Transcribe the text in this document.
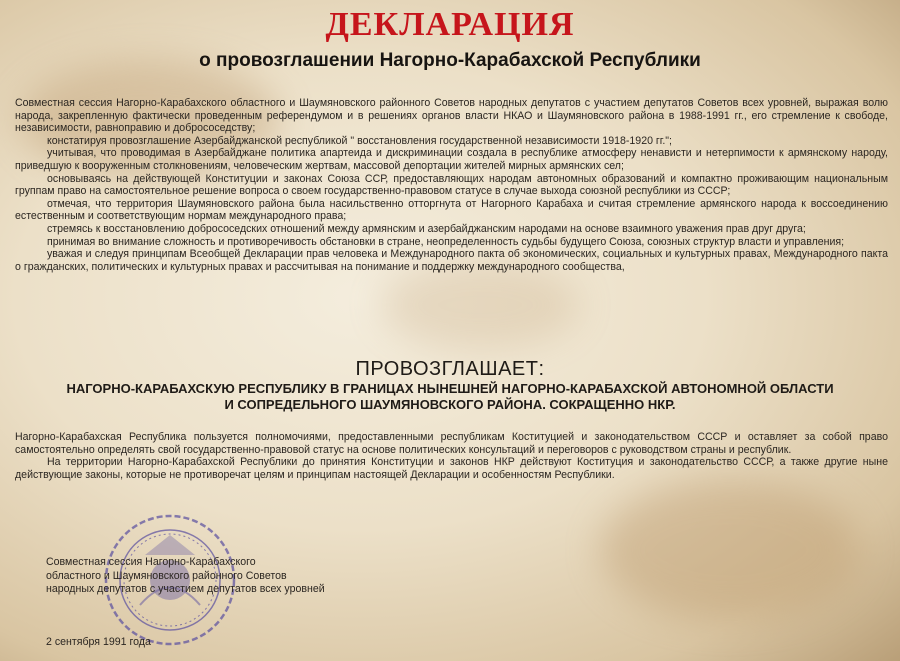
ДЕКЛАРАЦИЯ
о провозглашении Нагорно-Карабахской Республики

Совместная сессия Нагорно-Карабахского областного и Шаумяновского районного Советов народных депутатов с участием депутатов Советов всех уровней, выражая волю народа, закрепленную фактически проведенным референдумом и в решениях органов власти НКАО и Шаумяновского района в 1988-1991 гг., его стремление к свободе, независимости, равноправию и добрососедству;

констатируя провозглашение Азербайджанской республикой " восстановления государственной независимости 1918-1920 гг.";

учитывая, что проводимая в Азербайджане политика апартеида и дискриминации создала в республике атмосферу ненависти и нетерпимости к армянскому народу, приведшую к вооруженным столкновениям, человеческим жертвам, массовой депортации жителей мирных армянских сел;

основываясь на действующей Конституции и законах Союза ССР, предоставляющих народам автономных образований и компактно проживающим национальным группам право на самостоятельное решение вопроса о своем государственно-правовом статусе в случае выхода союзной республики из СССР;

отмечая, что территория Шаумяновского района была насильственно отторгнута от Нагорного Карабаха и считая стремление армянского народа к воссоединению естественным и соответствующим нормам международного права;

стремясь к восстановлению добрососедских отношений между армянским и азербайджанским народами на основе взаимного уважения прав друг друга;

принимая во внимание сложность и противоречивость обстановки в стране, неопределенность судьбы будущего Союза, союзных структур власти и управления;

уважая и следуя принципам Всеобщей Декларации прав человека и Международного пакта об экономических, социальных и культурных правах, Международного пакта о гражданских, политических и культурных правах и рассчитывая на понимание и поддержку международного сообщества,

ПРОВОЗГЛАШАЕТ:
НАГОРНО-КАРАБАХСКУЮ РЕСПУБЛИКУ В ГРАНИЦАХ НЫНЕШНЕЙ НАГОРНО-КАРАБАХСКОЙ АВТОНОМНОЙ ОБЛАСТИ И СОПРЕДЕЛЬНОГО ШАУМЯНОВСКОГО РАЙОНА. СОКРАЩЕННО НКР.

Нагорно-Карабахская Республика пользуется полномочиями, предоставленными республикам Коституцией и законодательством СССР и оставляет за собой право самостоятельно определять свой государственно-правовой статус на основе политических консультаций и переговоров с руководством страны и республик.

На территории Нагорно-Карабахской Республики до принятия Конституции и законов НКР действуют Коституция и законодательство СССР, а также другие ныне действующие законы, которые не противоречат целям и принципам настоящей Декларации и особенностям Республики.

Совместная сессия Нагорно-Карабахского

областного и Шаумяновского районного Советов

народных депутатов с участием депутатов всех уровней

2 сентября 1991 года
